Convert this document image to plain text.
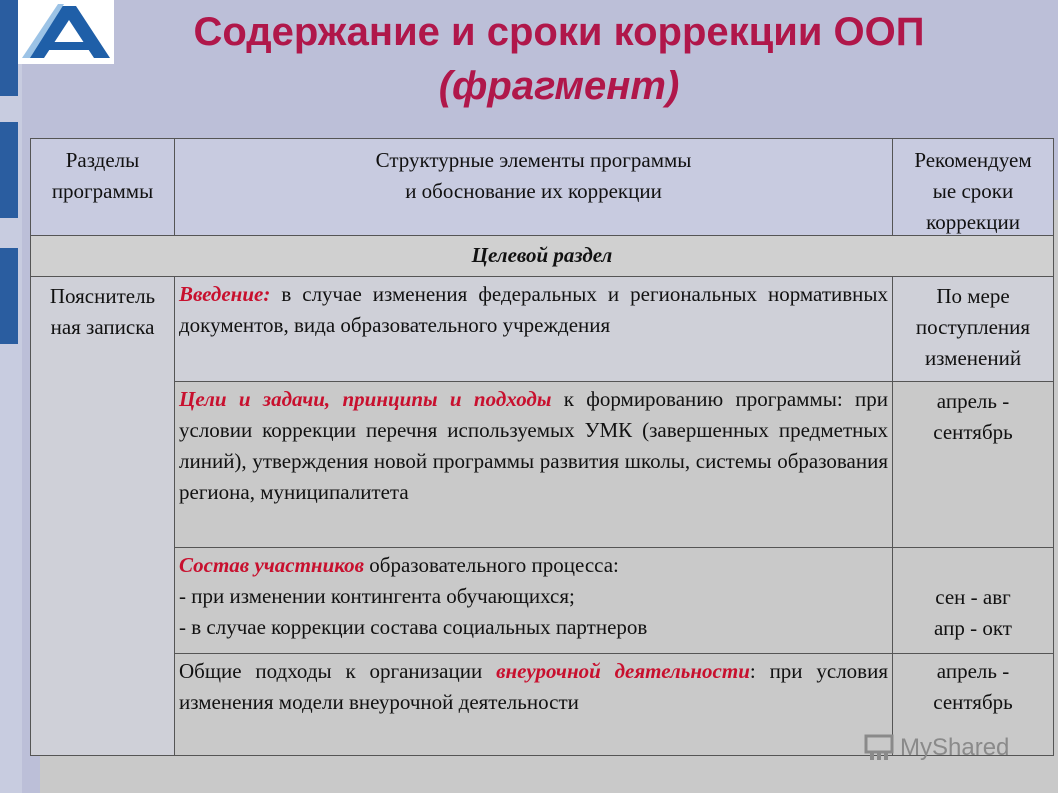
Содержание и сроки коррекции ООП
(фрагмент)
Разделы
программы
Структурные элементы программы
и обоснование их коррекции
Рекомендуем
ые сроки
коррекции
Целевой раздел
Пояснитель
ная записка
Введение: в случае изменения федеральных и региональных нормативных документов, вида образовательного учреждения
По мере
поступления
изменений
Цели и задачи, принципы и подходы к формированию программы: при условии коррекции перечня используемых УМК (завершенных предметных линий), утверждения новой программы развития школы, системы образования региона, муниципалитета
апрель -
сентябрь
Состав участников образовательного процесса:
- при изменении контингента обучающихся;
- в случае коррекции состава социальных партнеров
сен - авг
апр - окт
Общие подходы к организации внеурочной деятельности: при условия изменения модели внеурочной деятельности
апрель -
сентябрь
MyShared
